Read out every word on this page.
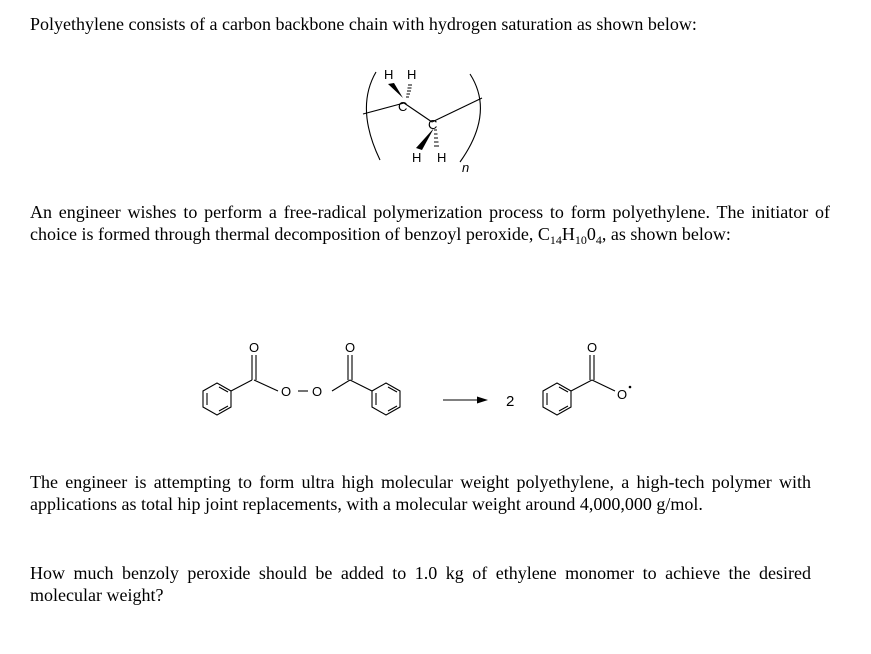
Polyethylene consists of a carbon backbone chain with hydrogen saturation as shown below:
H H
C
C
H H
n
An engineer wishes to perform a free-radical polymerization process to form polyethylene. The initiator of choice is formed through thermal decomposition of benzoyl peroxide, $C_{14}H_{10}0_4$, as shown below:
O
O O
O
2
O
O
The engineer is attempting to form ultra high molecular weight polyethylene, a high-tech polymer with applications as total hip joint replacements, with a molecular weight around 4,000,000 g/mol.
How much benzoly peroxide should be added to 1.0 kg of ethylene monomer to achieve the desired molecular weight?
